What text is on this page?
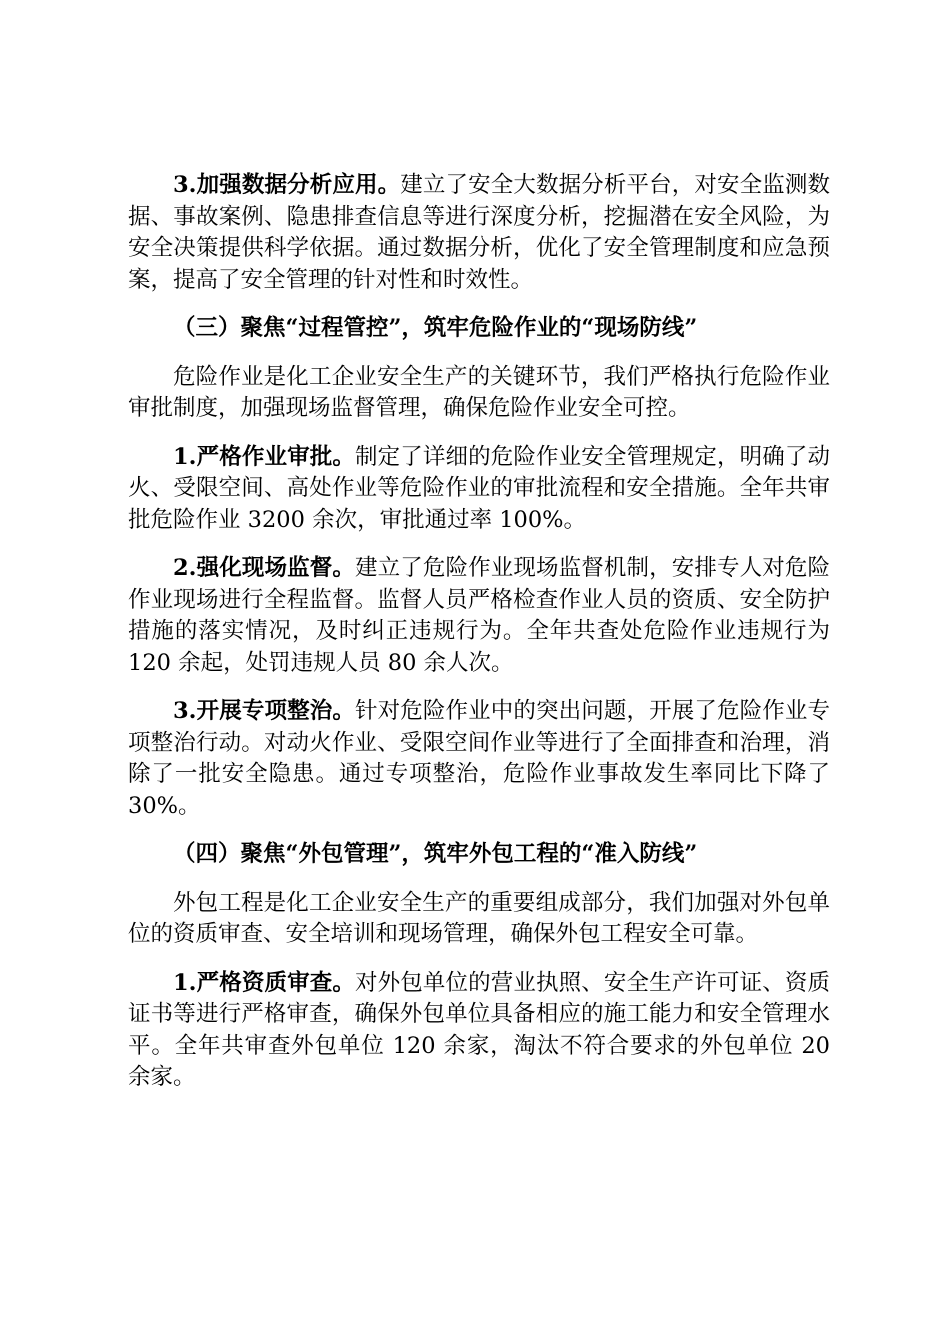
3.加强数据分析应用。建立了安全大数据分析平台，对安全监测数据、事故案例、隐患排查信息等进行深度分析，挖掘潜在安全风险，为安全决策提供科学依据。通过数据分析，优化了安全管理制度和应急预案，提高了安全管理的针对性和时效性。

（三）聚焦“过程管控”，筑牢危险作业的“现场防线”

危险作业是化工企业安全生产的关键环节，我们严格执行危险作业审批制度，加强现场监督管理，确保危险作业安全可控。

1.严格作业审批。制定了详细的危险作业安全管理规定，明确了动火、受限空间、高处作业等危险作业的审批流程和安全措施。全年共审批危险作业 3200 余次，审批通过率 100%。

2.强化现场监督。建立了危险作业现场监督机制，安排专人对危险作业现场进行全程监督。监督人员严格检查作业人员的资质、安全防护措施的落实情况，及时纠正违规行为。全年共查处危险作业违规行为 120 余起，处罚违规人员 80 余人次。

3.开展专项整治。针对危险作业中的突出问题，开展了危险作业专项整治行动。对动火作业、受限空间作业等进行了全面排查和治理，消除了一批安全隐患。通过专项整治，危险作业事故发生率同比下降了 30%。

（四）聚焦“外包管理”，筑牢外包工程的“准入防线”

外包工程是化工企业安全生产的重要组成部分，我们加强对外包单位的资质审查、安全培训和现场管理，确保外包工程安全可靠。

1.严格资质审查。对外包单位的营业执照、安全生产许可证、资质证书等进行严格审查，确保外包单位具备相应的施工能力和安全管理水平。全年共审查外包单位 120 余家，淘汰不符合要求的外包单位 20 余家。
